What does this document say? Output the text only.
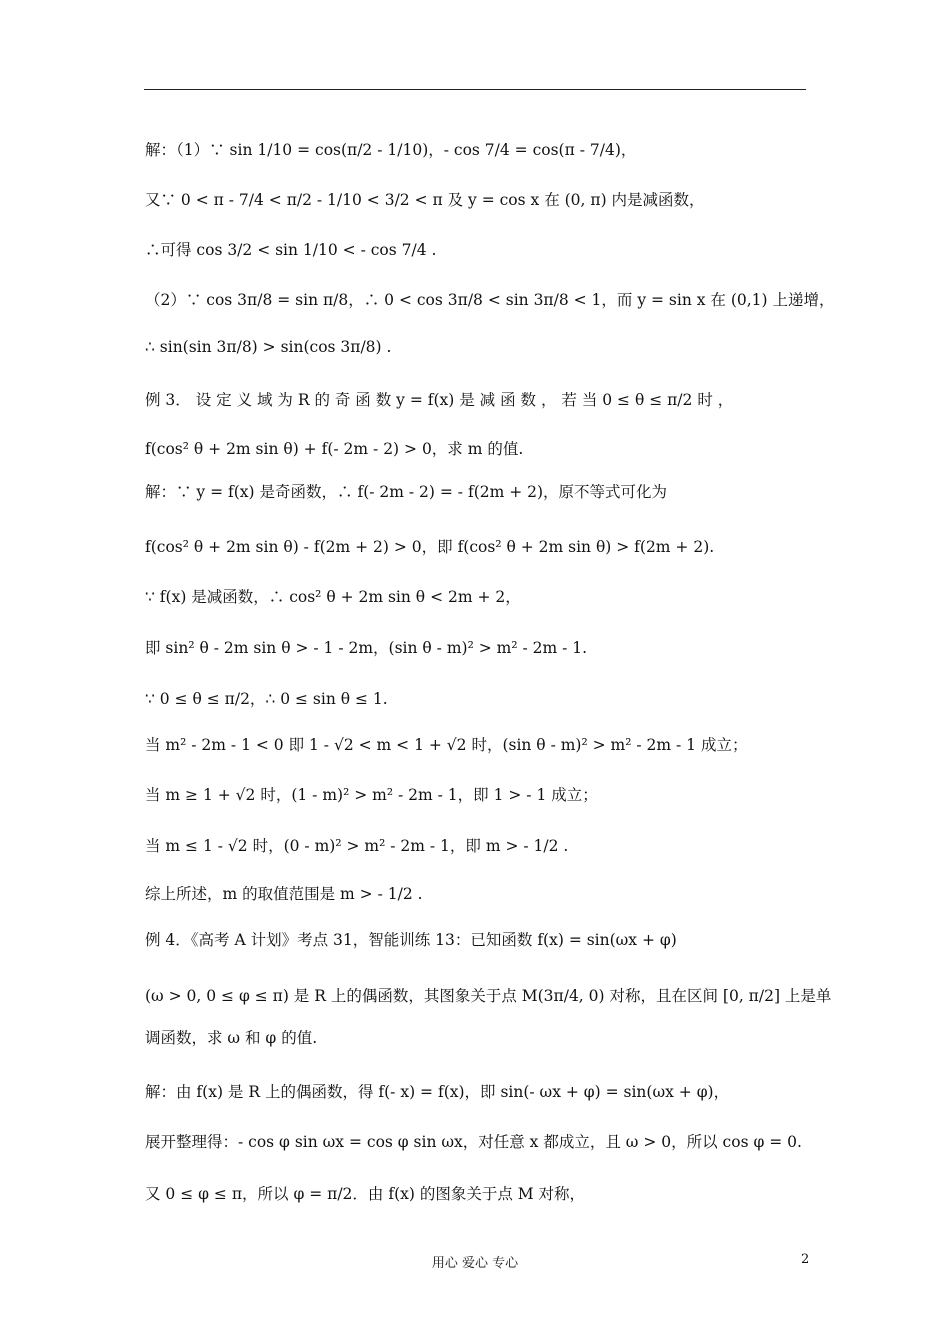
解：（1）∵ sin 1/10 = cos(π/2 - 1/10)，- cos 7/4 = cos(π - 7/4)，
又∵ 0 < π - 7/4 < π/2 - 1/10 < 3/2 < π 及 y = cos x 在 (0, π) 内是减函数，
∴可得 cos 3/2 < sin 1/10 < - cos 7/4 .
（2）∵ cos 3π/8 = sin π/8，∴ 0 < cos 3π/8 < sin 3π/8 < 1，而 y = sin x 在 (0,1) 上递增，
∴ sin(sin 3π/8) > sin(cos 3π/8) .
例 3． 设 定 义 域 为 R 的 奇 函 数 y = f(x) 是 减 函 数 ， 若 当 0 ≤ θ ≤ π/2 时 ，
f(cos² θ + 2m sin θ) + f(- 2m - 2) > 0，求 m 的值.
解：∵ y = f(x) 是奇函数，∴ f(- 2m - 2) = - f(2m + 2)，原不等式可化为
f(cos² θ + 2m sin θ) - f(2m + 2) > 0，即 f(cos² θ + 2m sin θ) > f(2m + 2).
∵ f(x) 是减函数，∴ cos² θ + 2m sin θ < 2m + 2，
即 sin² θ - 2m sin θ > - 1 - 2m，(sin θ - m)² > m² - 2m - 1.
∵ 0 ≤ θ ≤ π/2，∴ 0 ≤ sin θ ≤ 1.
当 m² - 2m - 1 < 0 即 1 - √2 < m < 1 + √2 时，(sin θ - m)² > m² - 2m - 1 成立；
当 m ≥ 1 + √2 时，(1 - m)² > m² - 2m - 1，即 1 > - 1 成立；
当 m ≤ 1 - √2 时，(0 - m)² > m² - 2m - 1，即 m > - 1/2 .
综上所述，m 的取值范围是 m > - 1/2 .
例 4．《高考 A 计划》考点 31，智能训练 13：已知函数 f(x) = sin(ωx + φ)
(ω > 0, 0 ≤ φ ≤ π) 是 R 上的偶函数，其图象关于点 M(3π/4, 0) 对称，且在区间 [0, π/2] 上是单
调函数，求 ω 和 φ 的值.
解：由 f(x) 是 R 上的偶函数，得 f(- x) = f(x)，即 sin(- ωx + φ) = sin(ωx + φ)，
展开整理得：- cos φ sin ωx = cos φ sin ωx，对任意 x 都成立，且 ω > 0，所以 cos φ = 0.
又 0 ≤ φ ≤ π，所以 φ = π/2．由 f(x) 的图象关于点 M 对称，
用心 爱心 专心	2
